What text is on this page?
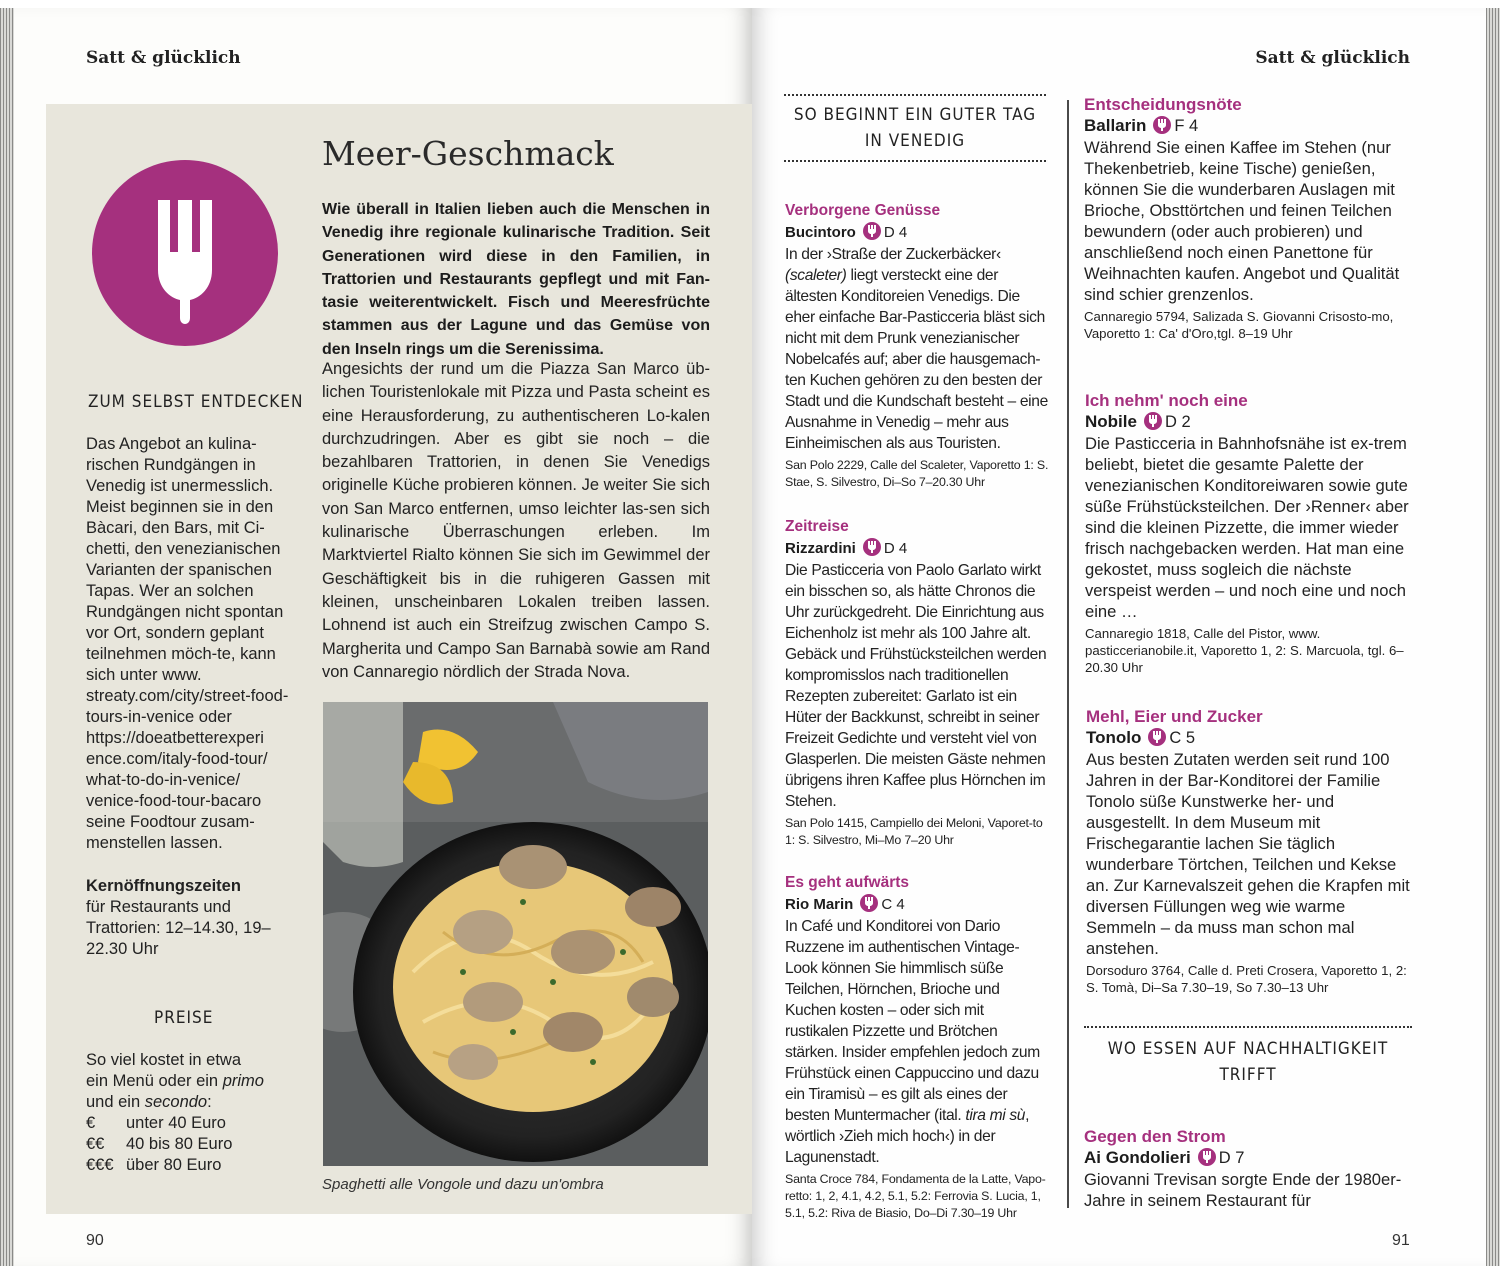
Satt & glücklich
ZUM SELBST ENTDECKEN
Das Angebot an kulina-rischen Rundgängen in Venedig ist unermesslich. Meist beginnen sie in den Bàcari, den Bars, mit Ci-chetti, den venezianischen Varianten der spanischen Tapas. Wer an solchen Rundgängen nicht spontan vor Ort, sondern geplant teilnehmen möch-te, kann sich unter www. streaty.com/city/street-food-tours-in-venice oder https://doeatbetterexperi ence.com/italy-food-tour/ what-to-do-in-venice/ venice-food-tour-bacaro seine Foodtour zusam-menstellen lassen.
Kernöffnungszeiten
für Restaurants und Trattorien: 12–14.30, 19–22.30 Uhr
PREISE
So viel kostet in etwa
ein Menü oder ein primo
und ein secondo:
€ unter 40 Euro
€€ 40 bis 80 Euro
€€€ über 80 Euro
Meer-Geschmack
Wie überall in Italien lieben auch die Menschen in Venedig ihre regionale kulinarische Tradition. Seit Generationen wird diese in den Familien, in Trattorien und Restaurants gepflegt und mit Fan-tasie weiterentwickelt. Fisch und Meeresfrüchte stammen aus der Lagune und das Gemüse von den Inseln rings um die Serenissima.
Angesichts der rund um die Piazza San Marco üb-lichen Touristenlokale mit Pizza und Pasta scheint es eine Herausforderung, zu authentischeren Lo-kalen durchzudringen. Aber es gibt sie noch – die bezahlbaren Trattorien, in denen Sie Venedigs originelle Küche probieren können. Je weiter Sie sich von San Marco entfernen, umso leichter las-sen sich kulinarische Überraschungen erleben. Im Marktviertel Rialto können Sie sich im Gewimmel der Geschäftigkeit bis in die ruhigeren Gassen mit kleinen, unscheinbaren Lokalen treiben lassen. Lohnend ist auch ein Streifzug zwischen Campo S. Margherita und Campo San Barnabà sowie am Rand von Cannaregio nördlich der Strada Nova.
Spaghetti alle Vongole und dazu un'ombra
90
Satt & glücklich
SO BEGINNT EIN GUTER TAG
IN VENEDIG
Verborgene Genüsse
Bucintoro D 4
In der ›Straße der Zuckerbäcker‹ (scaleter) liegt versteckt eine der ältesten Konditoreien Venedigs. Die eher einfache Bar-Pasticceria bläst sich nicht mit dem Prunk venezianischer Nobelcafés auf; aber die hausgemach-ten Kuchen gehören zu den besten der Stadt und die Kundschaft besteht – eine Ausnahme in Venedig – mehr aus Einheimischen als aus Touristen.
San Polo 2229, Calle del Scaleter, Vaporetto 1: S. Stae, S. Silvestro, Di–So 7–20.30 Uhr
Zeitreise
Rizzardini D 4
Die Pasticceria von Paolo Garlato wirkt ein bisschen so, als hätte Chronos die Uhr zurückgedreht. Die Einrichtung aus Eichenholz ist mehr als 100 Jahre alt. Gebäck und Frühstücksteilchen werden kompromisslos nach traditionellen Rezepten zubereitet: Garlato ist ein Hüter der Backkunst, schreibt in seiner Freizeit Gedichte und versteht viel von Glasperlen. Die meisten Gäste nehmen übrigens ihren Kaffee plus Hörnchen im Stehen.
San Polo 1415, Campiello dei Meloni, Vaporet-to 1: S. Silvestro, Mi–Mo 7–20 Uhr
Es geht aufwärts
Rio Marin C 4
In Café und Konditorei von Dario Ruzzene im authentischen Vintage-Look können Sie himmlisch süße Teilchen, Hörnchen, Brioche und Kuchen kosten – oder sich mit rustikalen Pizzette und Brötchen stärken. Insider empfehlen jedoch zum Frühstück einen Cappuccino und dazu ein Tiramisù – es gilt als eines der besten Muntermacher (ital. tira mi sù, wörtlich ›Zieh mich hoch‹) in der Lagunenstadt.
Santa Croce 784, Fondamenta de la Latte, Vapo-retto: 1, 2, 4.1, 4.2, 5.1, 5.2: Ferrovia S. Lucia, 1, 5.1, 5.2: Riva de Biasio, Do–Di 7.30–19 Uhr
Entscheidungsnöte
Ballarin F 4
Während Sie einen Kaffee im Stehen (nur Thekenbetrieb, keine Tische) genießen, können Sie die wunderbaren Auslagen mit Brioche, Obsttörtchen und feinen Teilchen bewundern (oder auch probieren) und anschließend noch einen Panettone für Weihnachten kaufen. Angebot und Qualität sind schier grenzenlos.
Cannaregio 5794, Salizada S. Giovanni Crisosto-mo, Vaporetto 1: Ca' d'Oro,tgl. 8–19 Uhr
Ich nehm' noch eine
Nobile D 2
Die Pasticceria in Bahnhofsnähe ist ex-trem beliebt, bietet die gesamte Palette der venezianischen Konditoreiwaren sowie gute süße Frühstücksteilchen. Der ›Renner‹ aber sind die kleinen Pizzette, die immer wieder frisch nachgebacken werden. Hat man eine gekostet, muss sogleich die nächste verspeist werden – und noch eine und noch eine …
Cannaregio 1818, Calle del Pistor, www. pasticcerianobile.it, Vaporetto 1, 2: S. Marcuola, tgl. 6–20.30 Uhr
Mehl, Eier und Zucker
Tonolo C 5
Aus besten Zutaten werden seit rund 100 Jahren in der Bar-Konditorei der Familie Tonolo süße Kunstwerke her- und ausgestellt. In dem Museum mit Frischegarantie lachen Sie täglich wunderbare Törtchen, Teilchen und Kekse an. Zur Karnevalszeit gehen die Krapfen mit diversen Füllungen weg wie warme Semmeln – da muss man schon mal anstehen.
Dorsoduro 3764, Calle d. Preti Crosera, Vaporetto 1, 2: S. Tomà, Di–Sa 7.30–19, So 7.30–13 Uhr
WO ESSEN AUF NACHHALTIGKEIT
TRIFFT
Gegen den Strom
Ai Gondolieri D 7
Giovanni Trevisan sorgte Ende der 1980er-Jahre in seinem Restaurant für
91
